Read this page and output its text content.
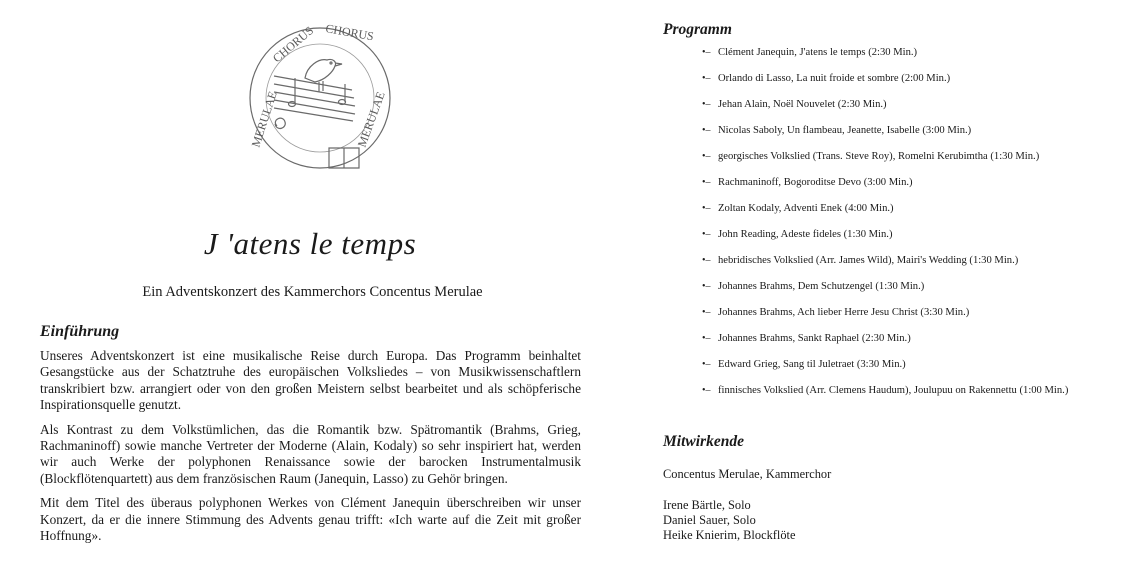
MERULAE
CHORUS CHORUS
MERULAE
J 'atens le temps
Ein Adventskonzert des Kammerchors Concentus Merulae
Einführung

Unseres Adventskonzert ist eine musikalische Reise durch Europa. Das Programm beinhaltet Gesangstücke aus der Schatztruhe des europäischen Volksliedes – von Musikwissenschaftlern transkribiert bzw. arrangiert oder von den großen Meistern selbst bearbeitet und als schöpferische Inspirationsquelle genutzt.

Als Kontrast zu dem Volkstümlichen, das die Romantik bzw. Spätromantik (Brahms, Grieg, Rachmaninoff) sowie manche Vertreter der Moderne (Alain, Kodaly) so sehr inspiriert hat, werden wir auch Werke der polyphonen Renaissance sowie der barocken Instrumentalmusik (Blockflötenquartett) aus dem französischen Raum (Janequin, Lasso) zu Gehör bringen.

Mit dem Titel des überaus polyphonen Werkes von Clément Janequin überschreiben wir unser Konzert, da er die innere Stimmung des Advents genau trifft: «Ich warte auf die Zeit mit großer Hoffnung».

Programm
•– Clément Janequin, J'atens le temps (2:30 Min.)
•– Orlando di Lasso, La nuit froide et sombre (2:00 Min.)
•– Jehan Alain, Noël Nouvelet (2:30 Min.)
•– Nicolas Saboly, Un flambeau, Jeanette, Isabelle (3:00 Min.)
•– georgisches Volkslied (Trans. Steve Roy), Romelni Kerubimtha (1:30 Min.)
•– Rachmaninoff, Bogoroditse Devo (3:00 Min.)
•– Zoltan Kodaly, Adventi Enek (4:00 Min.)
•– John Reading, Adeste fideles (1:30 Min.)
•– hebridisches Volkslied (Arr. James Wild), Mairi's Wedding (1:30 Min.)
•– Johannes Brahms, Dem Schutzengel (1:30 Min.)
•– Johannes Brahms, Ach lieber Herre Jesu Christ (3:30 Min.)
•– Johannes Brahms, Sankt Raphael (2:30 Min.)
•– Edward Grieg, Sang til Juletraet (3:30 Min.)
•– finnisches Volkslied (Arr. Clemens Haudum), Joulupuu on Rakennettu (1:00 Min.)
Mitwirkende
Concentus Merulae, Kammerchor
Irene Bärtle, Solo
Daniel Sauer, Solo
Heike Knierim, Blockflöte
